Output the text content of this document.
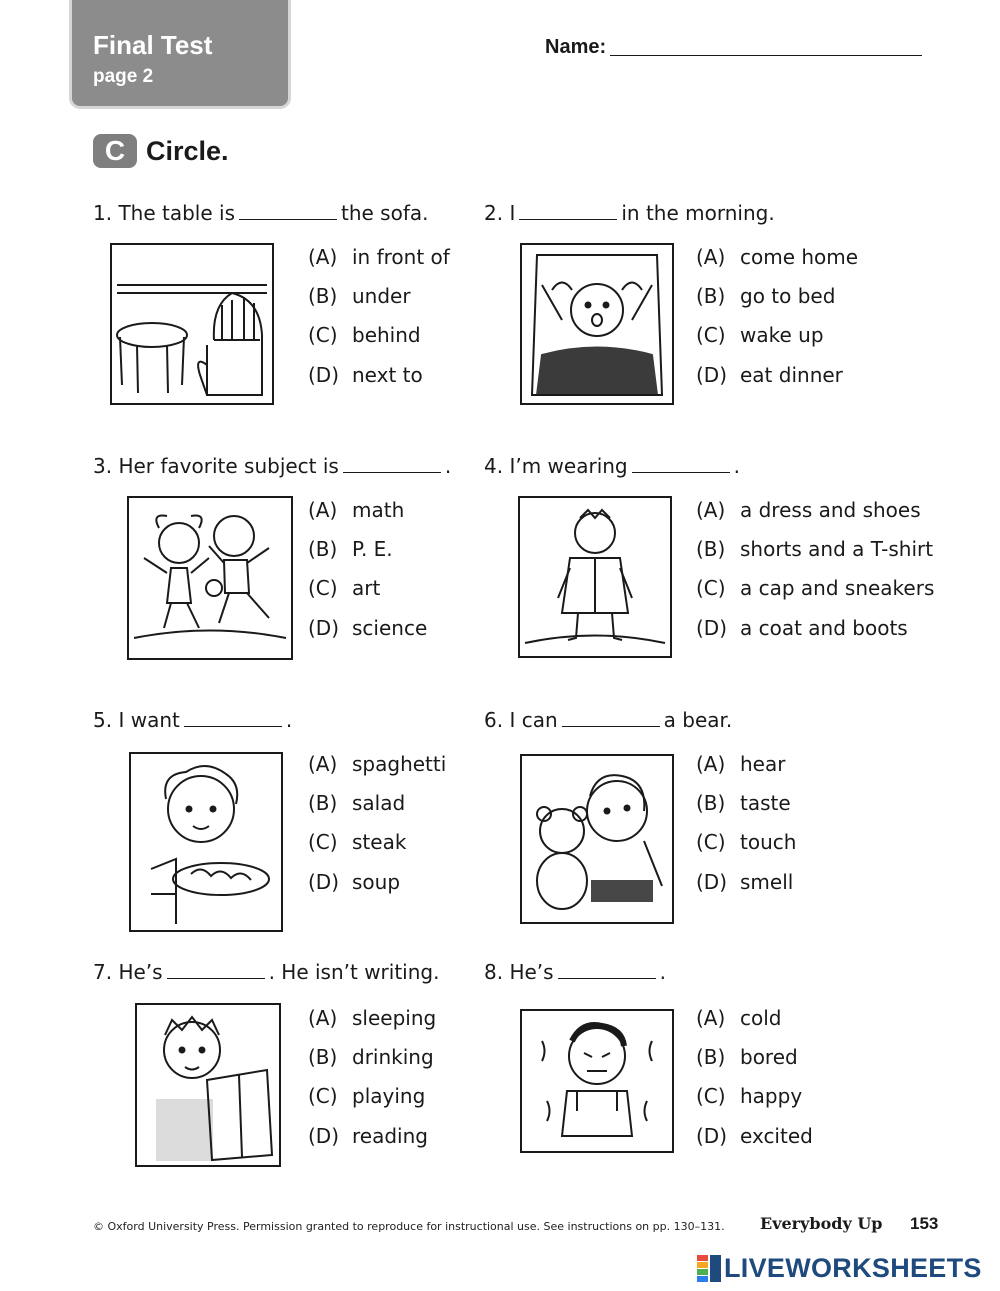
Final Test
page 2
Name:
C Circle.
1. The table is	the sofa.
(A) in front of
(B) under
(C) behind
(D) next to
2. I	in the morning.
(A) come home
(B) go to bed
(C) wake up
(D) eat dinner
3. Her favorite subject is	.
(A) math
(B) P. E.
(C) art
(D) science
4. I’m wearing	.
(A) a dress and shoes
(B) shorts and a T-shirt
(C) a cap and sneakers
(D) a coat and boots
5. I want	.
(A) spaghetti
(B) salad
(C) steak
(D) soup
6. I can	a bear.
(A) hear
(B) taste
(C) touch
(D) smell
7. He’s	. He isn’t writing.
(A) sleeping
(B) drinking
(C) playing
(D) reading
8. He’s	.
(A) cold
(B) bored
(C) happy
(D) excited
© Oxford University Press. Permission granted to reproduce for instructional use. See instructions on pp. 130–131. Everybody Up 153
LIVEWORKSHEETS
